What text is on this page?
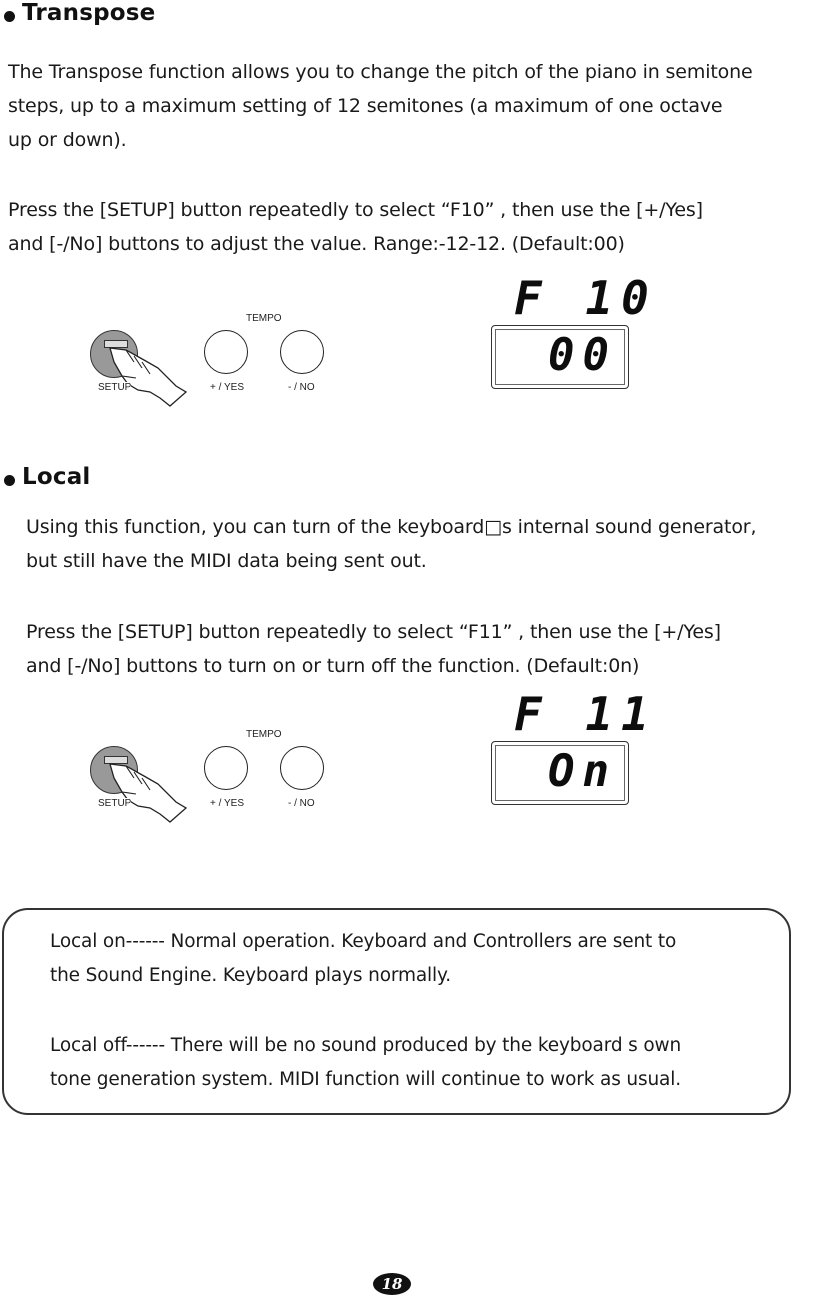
Transpose

The Transpose function allows you to change the pitch of the piano in semitone

steps, up to a maximum setting of 12 semitones (a maximum of one octave

up or down).

Press the [SETUP] button repeatedly to select “F10” , then use the [+/Yes]

and [-/No] buttons to adjust the value. Range:-12-12. (Default:00)

TEMPO
SETUP	+ / YES	- / NO
F 10
00
Local

Using this function, you can turn of the keyboard□s internal sound generator,

but still have the MIDI data being sent out.

Press the [SETUP] button repeatedly to select “F11” , then use the [+/Yes]

and [-/No] buttons to turn on or turn off the function. (Default:0n)

TEMPO
SETUP	+ / YES	- / NO
F 11
On

Local on------ Normal operation. Keyboard and Controllers are sent to

the Sound Engine. Keyboard plays normally.

Local off------ There will be no sound produced by the keyboard s own

tone generation system. MIDI function will continue to work as usual.

18
